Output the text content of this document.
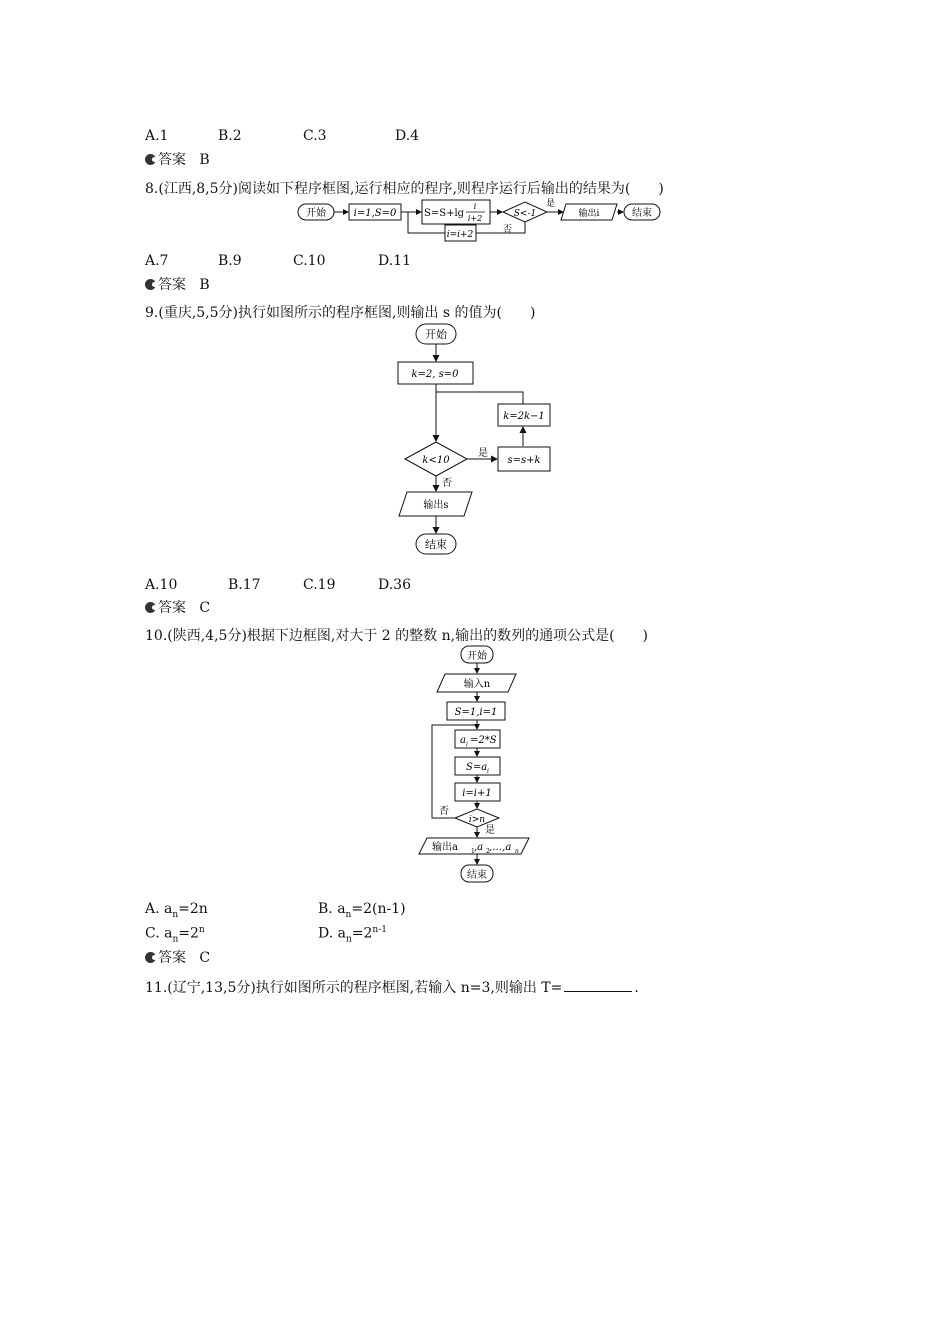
A.1	B.2	C.3	D.4
答案 B
8.(江西,8,5分)阅读如下程序框图,运行相应的程序,则程序运行后输出的结果为(　　)
开始	i=1,S=0	S=S+lg
i
i+2	S<-1
是
输出i	结束
否
i=i+2
A.7	B.9	C.10	D.11
答案 B
9.(重庆,5,5分)执行如图所示的程序框图,则输出 s 的值为(　　)
开始
k=2, s=0
k=2k−1
k<10
是
s=s+k
否
输出s
结束
A.10	B.17	C.19	D.36
答案 C
10.(陕西,4,5分)根据下边框图,对大于 2 的整数 n,输出的数列的通项公式是(　　)
开始
输入n
S=1,i=1
a i =2*S
S=a i
i=i+1
i>n
否
是
输出a 1 ,a 2 ,…,a n
结束
A. $a_n=2n$	B. $a_n=2(n-1)$
C. $a_n=2^n$	D. $a_n=2^{n-1}$
答案 C
11.(辽宁,13,5分)执行如图所示的程序框图,若输入 n=3,则输出 T=	.
